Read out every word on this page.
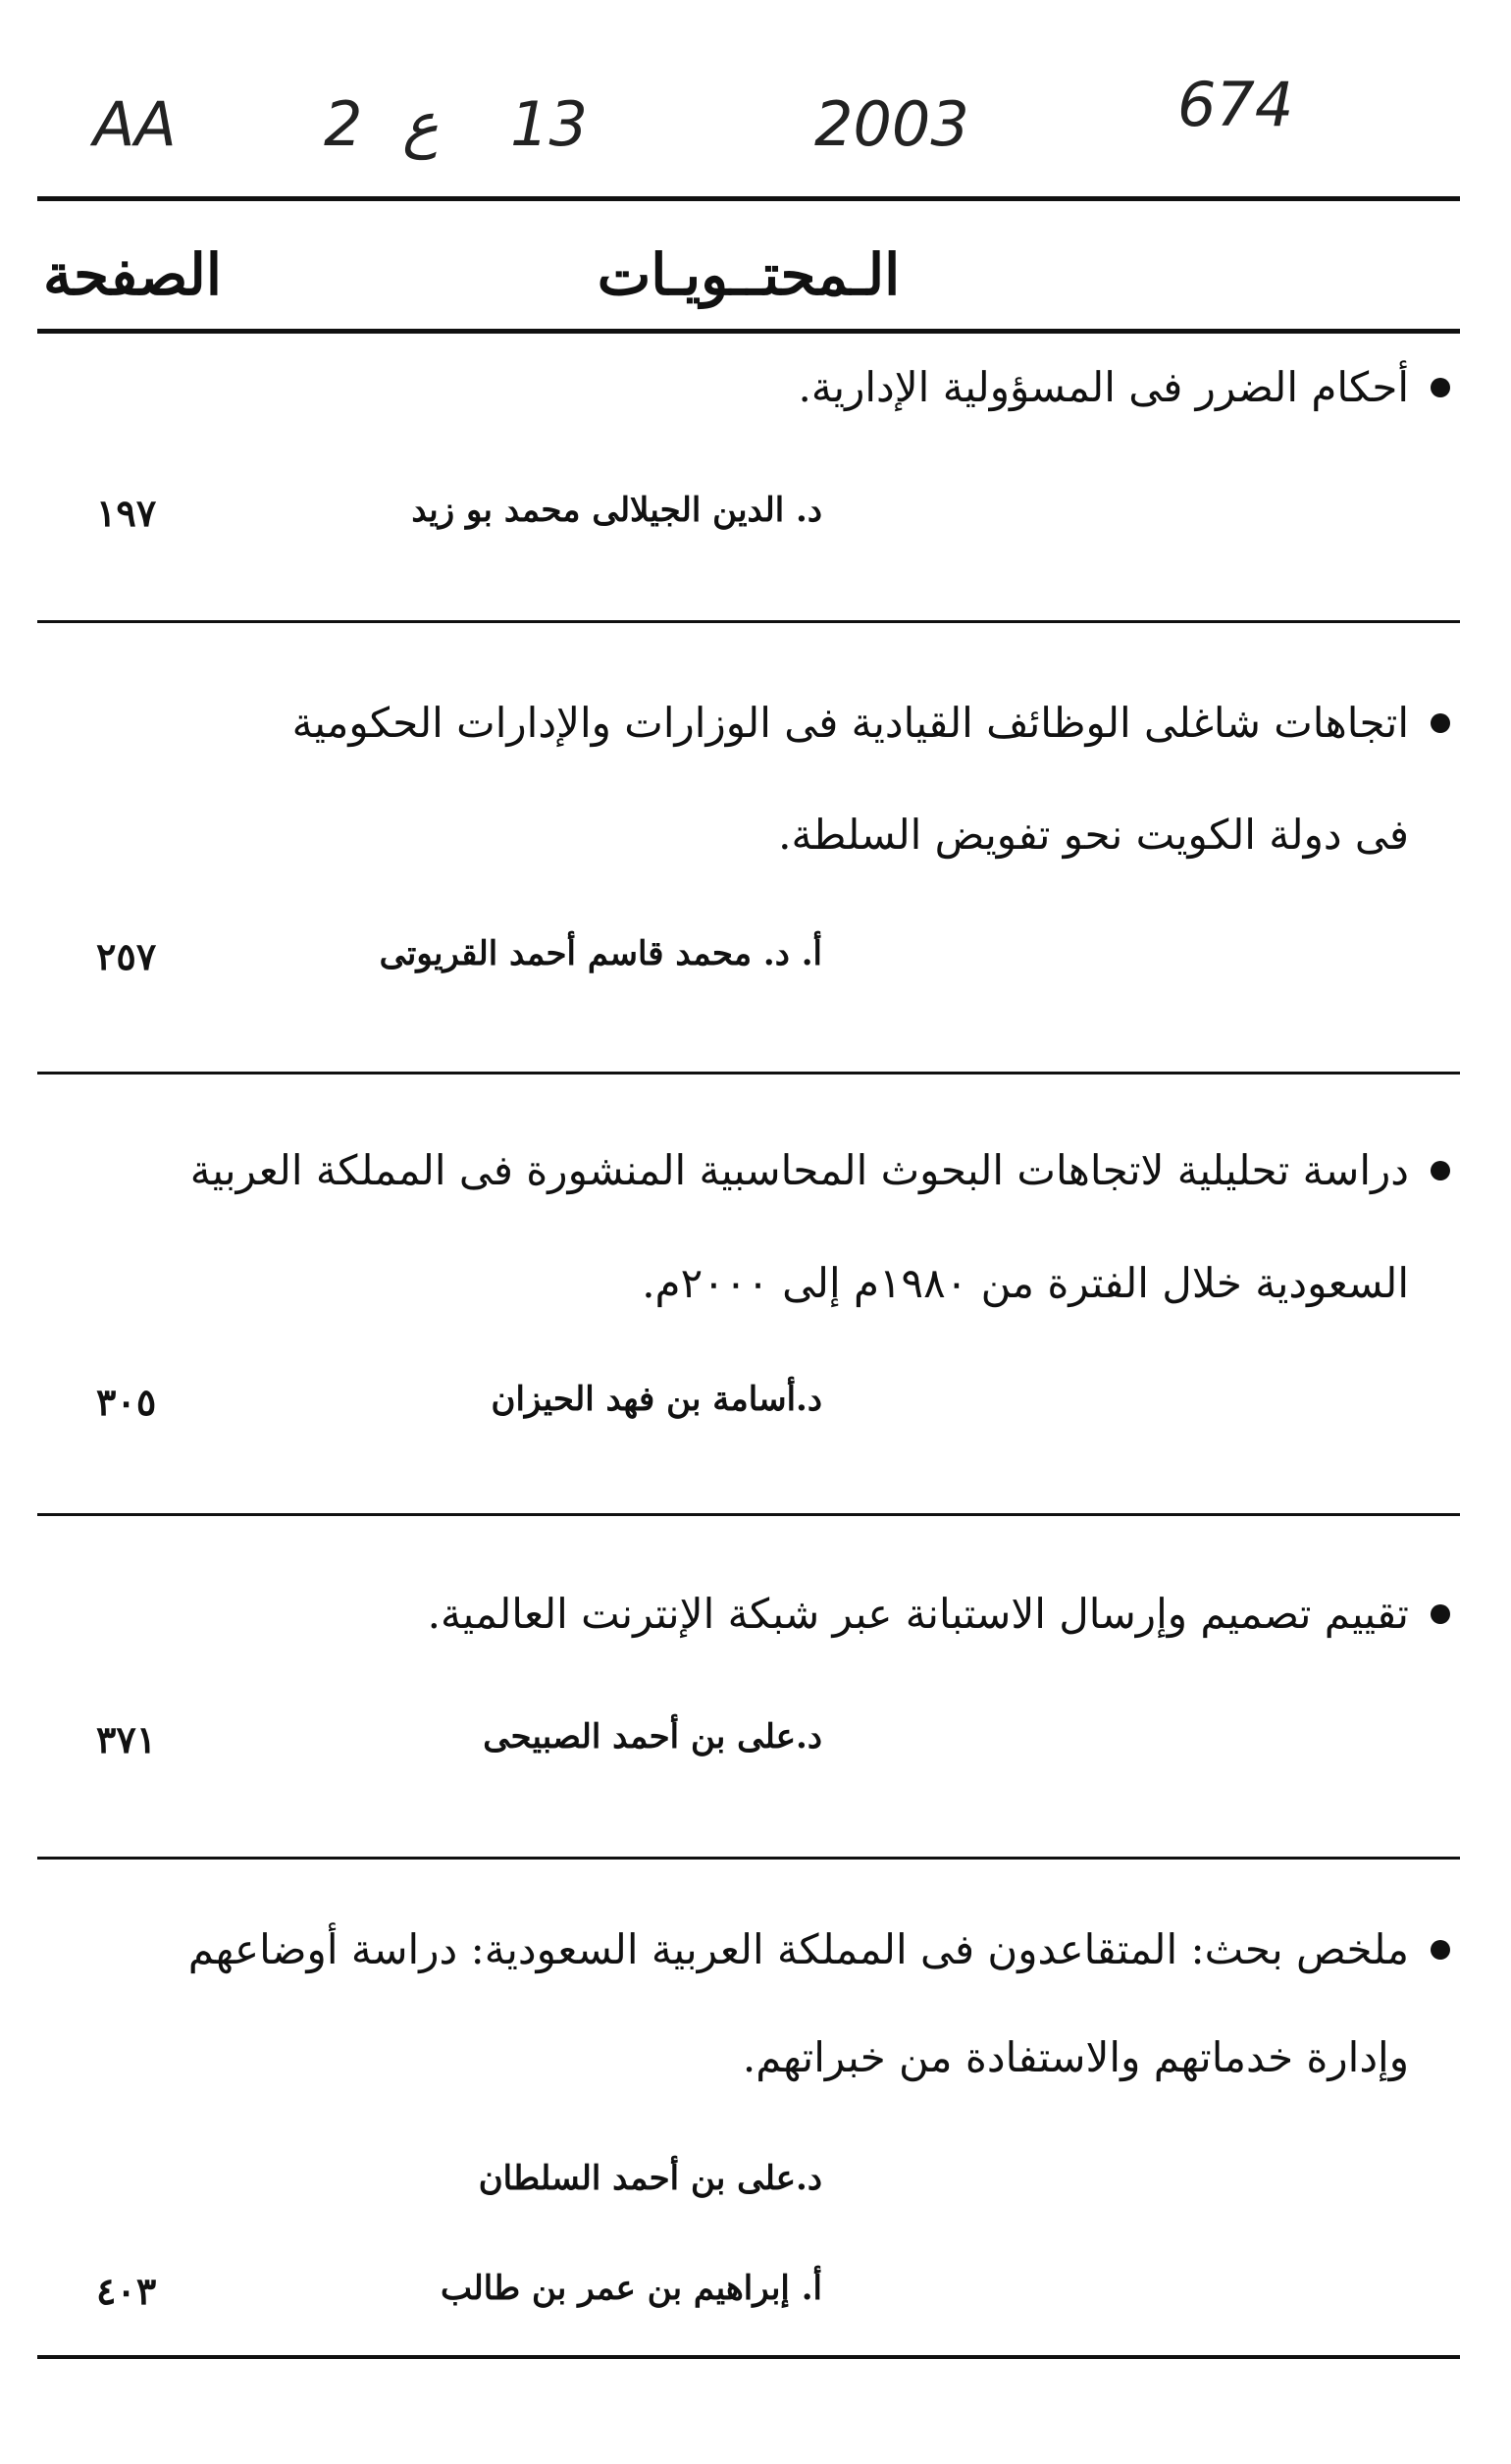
AA 2 ع 13	2003	674
الـمحتــويـات
الصفحة
أحكام الضرر فى المسؤولية الإدارية.
د. الدين الجيلالى محمد بو زيد
١٩٧
اتجاهات شاغلى الوظائف القيادية فى الوزارات والإدارات الحكومية
فى دولة الكويت نحو تفويض السلطة.
أ. د. محمد قاسم أحمد القريوتى
٢٥٧
دراسة تحليلية لاتجاهات البحوث المحاسبية المنشورة فى المملكة العربية
السعودية خلال الفترة من ١٩٨٠م إلى ٢٠٠٠م.
د.أسامة بن فهد الحيزان
٣٠٥
تقييم تصميم وإرسال الاستبانة عبر شبكة الإنترنت العالمية.
د.على بن أحمد الصبيحى
٣٧١
ملخص بحث: المتقاعدون فى المملكة العربية السعودية: دراسة أوضاعهم
وإدارة خدماتهم والاستفادة من خبراتهم.
د.على بن أحمد السلطان
أ. إبراهيم بن عمر بن طالب
٤٠٣
